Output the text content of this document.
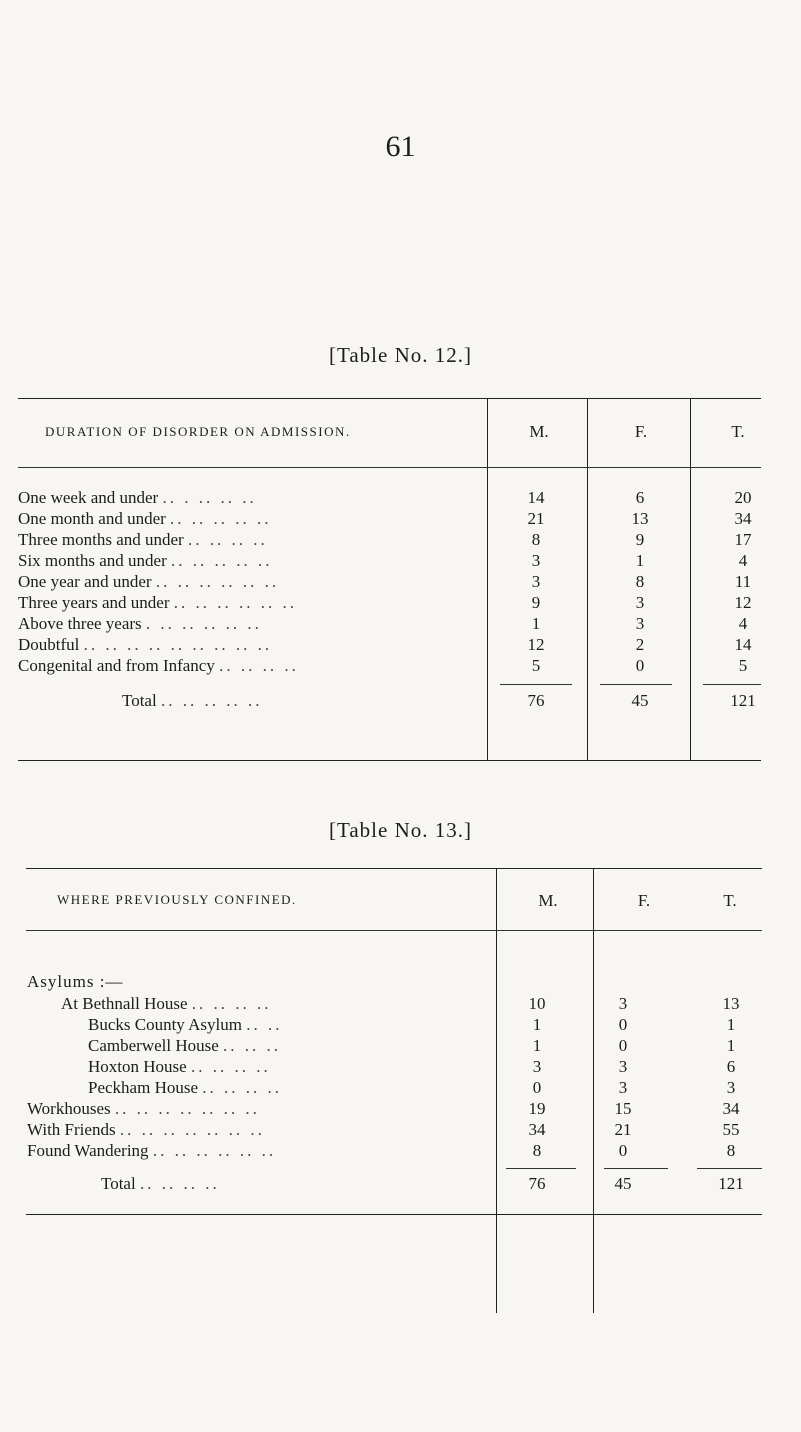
61
[Table No. 12.]
DURATION OF DISORDER ON ADMISSION.	M.	F.	T.
One week and under .. . .. .. ..	14	6	20
One month and under .. .. .. .. ..	21	13	34
Three months and under .. .. .. ..	8	9	17
Six months and under .. .. .. .. ..	3	1	4
One year and under .. .. .. .. .. ..	3	8	11
Three years and under .. .. .. .. .. ..	9	3	12
Above three years . .. .. .. .. ..	1	3	4
Doubtful .. .. .. .. .. .. .. .. ..	12	2	14
Congenital and from Infancy .. .. .. ..	5	0	5
Total .. .. .. .. ..	76	45	121
[Table No. 13.]
WHERE PREVIOUSLY CONFINED.	M.	F.	T.
Asylums :—
At Bethnall House .. .. .. ..	10	3	13
Bucks County Asylum .. ..	1	0	1
Camberwell House .. .. ..	1	0	1
Hoxton House .. .. .. ..	3	3	6
Peckham House .. .. .. ..	0	3	3
Workhouses .. .. .. .. .. .. ..	19	15	34
With Friends .. .. .. .. .. .. ..	34	21	55
Found Wandering .. .. .. .. .. ..	8	0	8
Total .. .. .. ..	76	45	121
